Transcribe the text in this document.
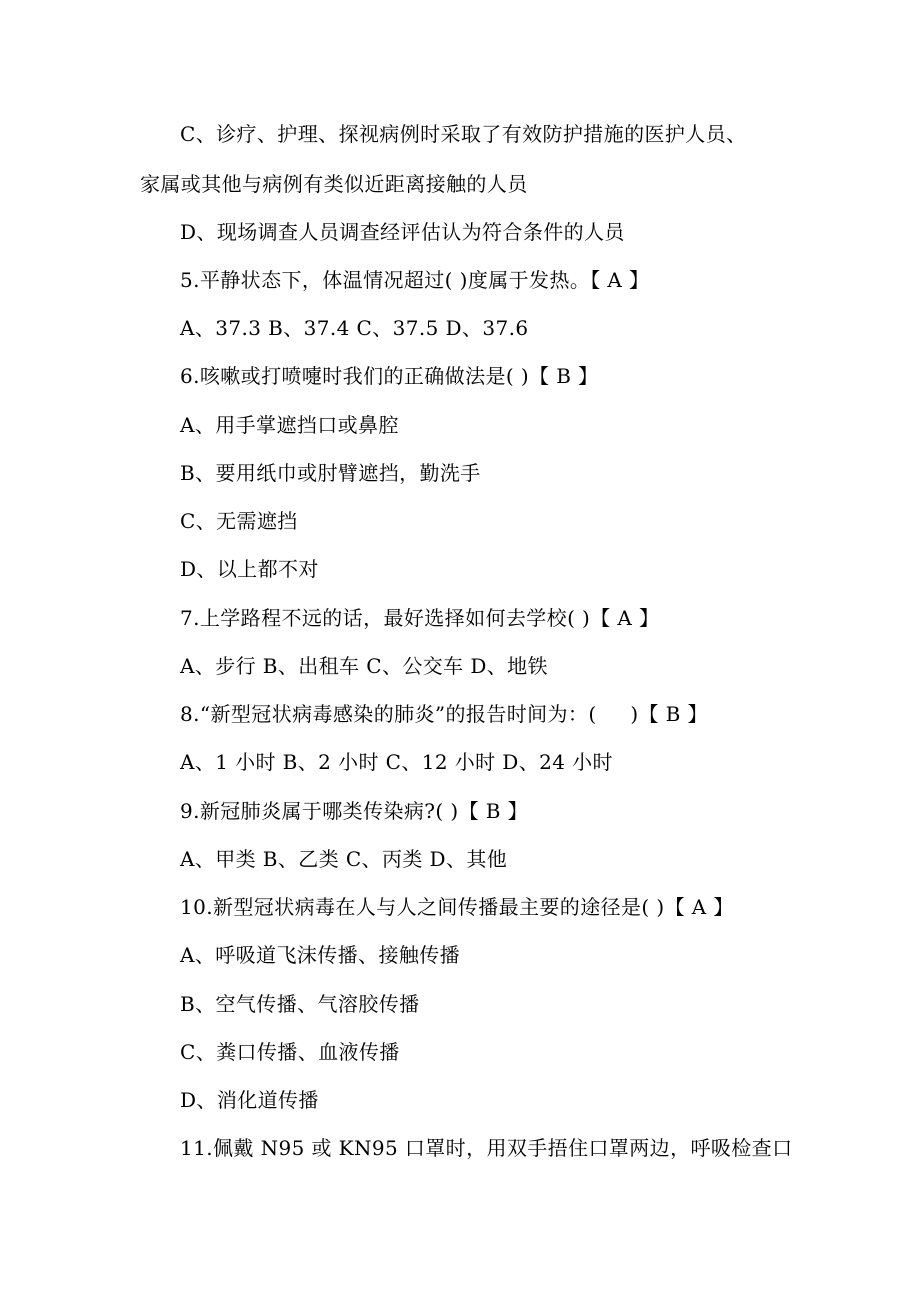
C、诊疗、护理、探视病例时采取了有效防护措施的医护人员、
家属或其他与病例有类似近距离接触的人员
D、现场调查人员调查经评估认为符合条件的人员
5.平静状态下，体温情况超过( )度属于发热。【 A 】
A、37.3 B、37.4 C、37.5 D、37.6
6.咳嗽或打喷嚏时我们的正确做法是( )【 B 】
A、用手掌遮挡口或鼻腔
B、要用纸巾或肘臂遮挡，勤洗手
C、无需遮挡
D、以上都不对
7.上学路程不远的话，最好选择如何去学校( )【 A 】
A、步行 B、出租车 C、公交车 D、地铁
8.“新型冠状病毒感染的肺炎”的报告时间为：(     )【 B 】
A、1 小时 B、2 小时 C、12 小时 D、24 小时
9.新冠肺炎属于哪类传染病?( )【 B 】
A、甲类 B、乙类 C、丙类 D、其他
10.新型冠状病毒在人与人之间传播最主要的途径是( )【 A 】
A、呼吸道飞沫传播、接触传播
B、空气传播、气溶胶传播
C、粪口传播、血液传播
D、消化道传播
11.佩戴 N95 或 KN95 口罩时，用双手捂住口罩两边，呼吸检查口
